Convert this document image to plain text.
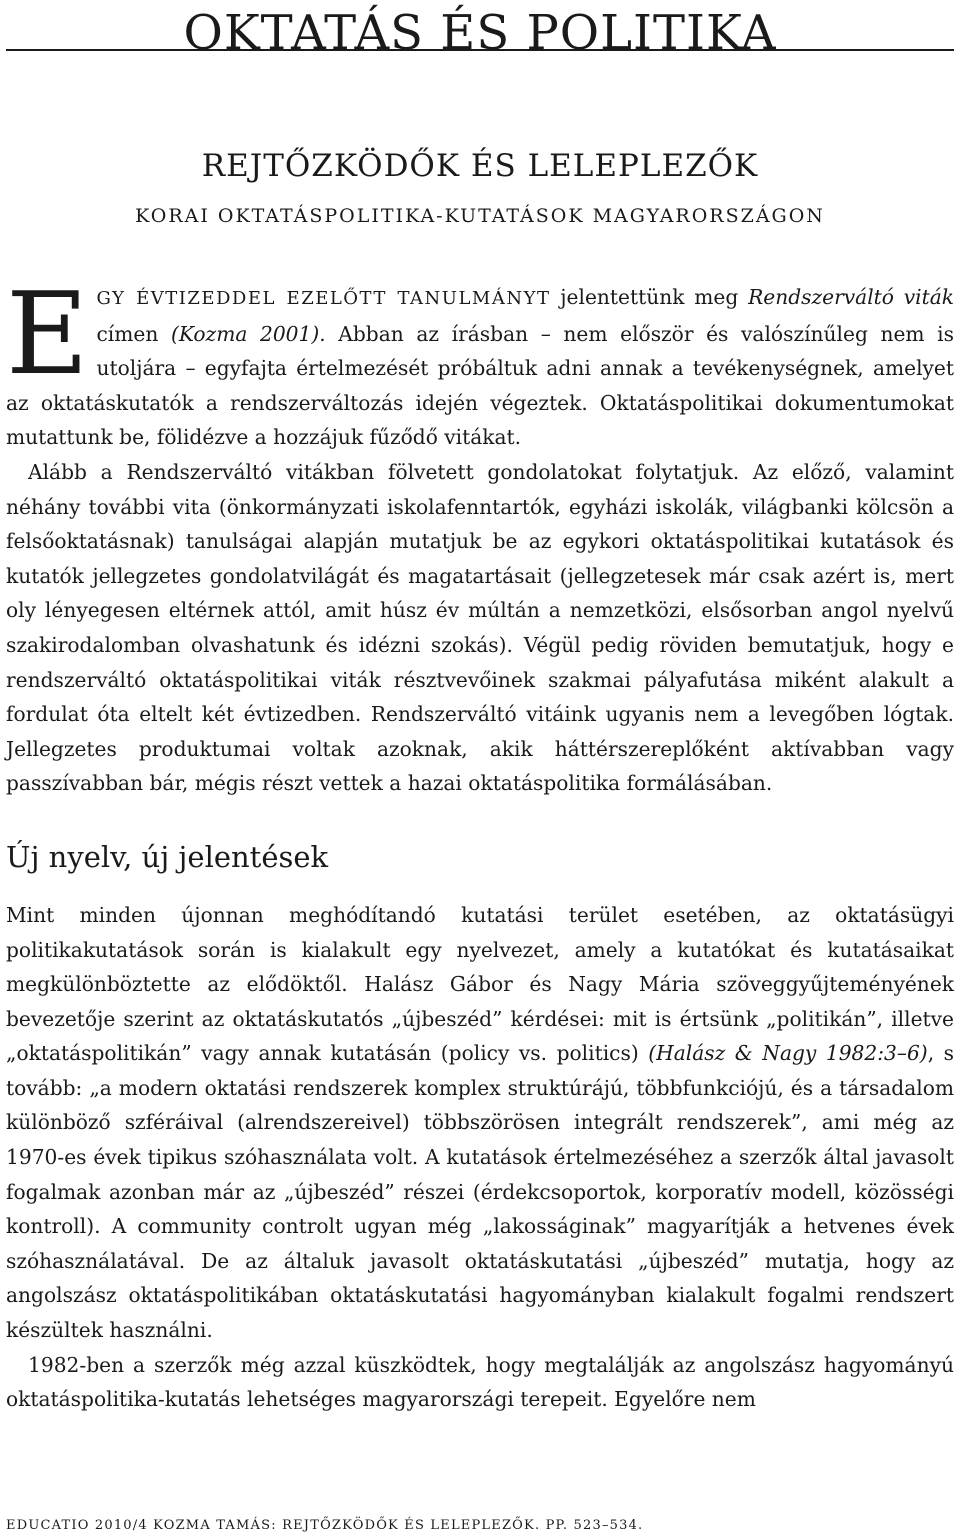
OKTATÁS ÉS POLITIKA
REJTŐZKÖDŐK ÉS LELEPLEZŐK
KORAI OKTATÁSPOLITIKA-KUTATÁSOK MAGYARORSZÁGON

EGY ÉVTIZEDDEL EZELŐTT TANULMÁNYT jelentettünk meg Rendszerváltó viták címen (Kozma 2001). Abban az írásban – nem először és valószínűleg nem is utoljára – egyfajta értelmezését próbáltuk adni annak a tevékenységnek, amelyet az oktatáskutatók a rendszerváltozás idején végeztek. Oktatáspolitikai dokumentumokat mutattunk be, fölidézve a hozzájuk fűződő vitákat.

Alább a Rendszerváltó vitákban fölvetett gondolatokat folytatjuk. Az előző, valamint néhány további vita (önkormányzati iskolafenntartók, egyházi iskolák, világbanki kölcsön a felsőoktatásnak) tanulságai alapján mutatjuk be az egykori oktatáspolitikai kutatások és kutatók jellegzetes gondolatvilágát és magatartásait (jellegzetesek már csak azért is, mert oly lényegesen eltérnek attól, amit húsz év múltán a nemzetközi, elsősorban angol nyelvű szakirodalomban olvashatunk és idézni szokás). Végül pedig röviden bemutatjuk, hogy e rendszerváltó oktatáspolitikai viták résztvevőinek szakmai pályafutása miként alakult a fordulat óta eltelt két évtizedben. Rendszerváltó vitáink ugyanis nem a levegőben lógtak. Jellegzetes produktumai voltak azoknak, akik háttérszereplőként aktívabban vagy passzívabban bár, mégis részt vettek a hazai oktatáspolitika formálásában.

Új nyelv, új jelentések

Mint minden újonnan meghódítandó kutatási terület esetében, az oktatásügyi politikakutatások során is kialakult egy nyelvezet, amely a kutatókat és kutatásaikat megkülönböztette az elődöktől. Halász Gábor és Nagy Mária szöveggyűjteményének bevezetője szerint az oktatáskutatós „újbeszéd” kérdései: mit is értsünk „politikán”, illetve „oktatáspolitikán” vagy annak kutatásán (policy vs. politics) (Halász & Nagy 1982:3–6), s tovább: „a modern oktatási rendszerek komplex struktúrájú, többfunkciójú, és a társadalom különböző szféráival (alrendszereivel) többszörösen integrált rendszerek”, ami még az 1970-es évek tipikus szóhasználata volt. A kutatások értelmezéséhez a szerzők által javasolt fogalmak azonban már az „újbeszéd” részei (érdekcsoportok, korporatív modell, közösségi kontroll). A community controlt ugyan még „lakosságinak” magyarítják a hetvenes évek szóhasználatával. De az általuk javasolt oktatáskutatási „újbeszéd” mutatja, hogy az angolszász oktatáspolitikában oktatáskutatási hagyományban kialakult fogalmi rendszert készültek használni.

1982-ben a szerzők még azzal küszködtek, hogy megtalálják az angolszász hagyományú oktatáspolitika-kutatás lehetséges magyarországi terepeit. Egyelőre nem

EDUCATIO 2010/4 KOZMA TAMÁS: REJTŐZKÖDŐK ÉS LELEPLEZŐK. PP. 523–534.
